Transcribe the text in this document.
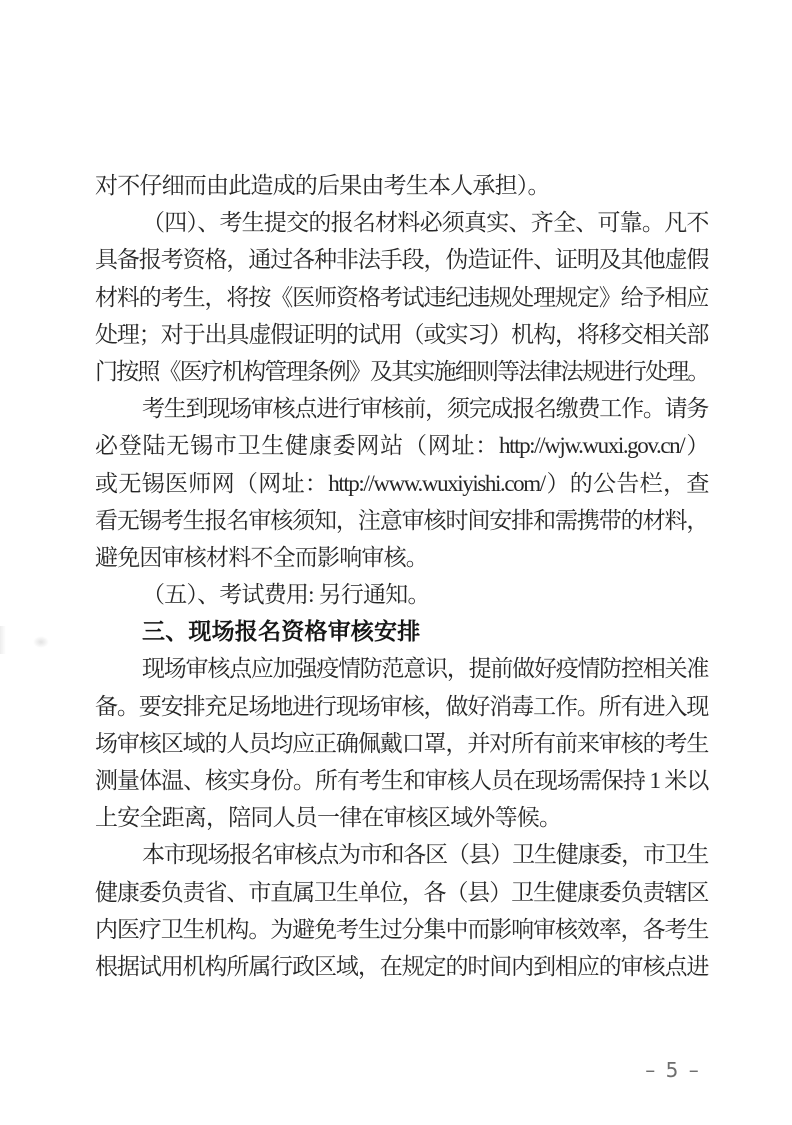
对不仔细而由此造成的后果由考生本人承担）。
（四）、考生提交的报名材料必须真实、齐全、可靠。凡不
具备报考资格，通过各种非法手段，伪造证件、证明及其他虚假
材料的考生，将按《医师资格考试违纪违规处理规定》给予相应
处理；对于出具虚假证明的试用（或实习）机构，将移交相关部
门按照《医疗机构管理条例》及其实施细则等法律法规进行处理。
考生到现场审核点进行审核前，须完成报名缴费工作。请务
必登陆无锡市卫生健康委网站（网址：http://wjw.wuxi.gov.cn/）
或无锡医师网（网址：http://www.wuxiyishi.com/）的公告栏，查
看无锡考生报名审核须知，注意审核时间安排和需携带的材料，
避免因审核材料不全而影响审核。
（五）、考试费用: 另行通知。
三、现场报名资格审核安排
现场审核点应加强疫情防范意识，提前做好疫情防控相关准
备。要安排充足场地进行现场审核，做好消毒工作。所有进入现
场审核区域的人员均应正确佩戴口罩，并对所有前来审核的考生
测量体温、核实身份。所有考生和审核人员在现场需保持 1 米以
上安全距离，陪同人员一律在审核区域外等候。
本市现场报名审核点为市和各区（县）卫生健康委，市卫生
健康委负责省、市直属卫生单位，各（县）卫生健康委负责辖区
内医疗卫生机构。为避免考生过分集中而影响审核效率，各考生
根据试用机构所属行政区域，在规定的时间内到相应的审核点进
– 5 –
